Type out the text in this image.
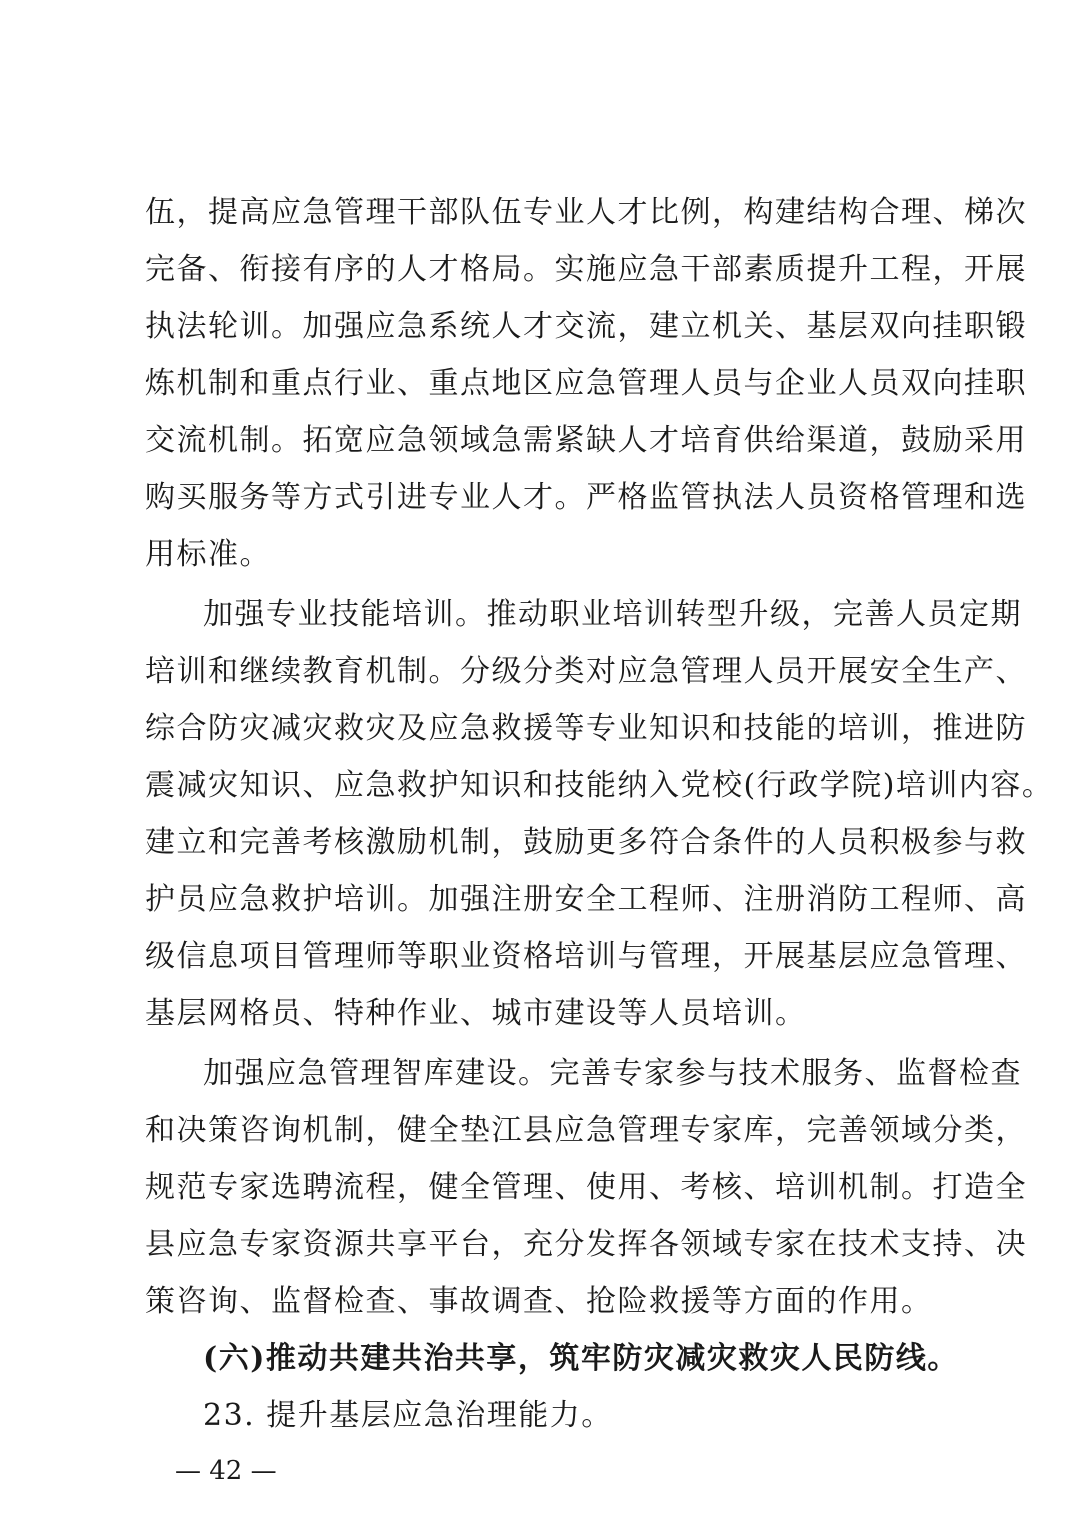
伍，提高应急管理干部队伍专业人才比例，构建结构合理、梯次
完备、衔接有序的人才格局。实施应急干部素质提升工程，开展
执法轮训。加强应急系统人才交流，建立机关、基层双向挂职锻
炼机制和重点行业、重点地区应急管理人员与企业人员双向挂职
交流机制。拓宽应急领域急需紧缺人才培育供给渠道，鼓励采用
购买服务等方式引进专业人才。严格监管执法人员资格管理和选
用标准。
加强专业技能培训。推动职业培训转型升级，完善人员定期
培训和继续教育机制。分级分类对应急管理人员开展安全生产、
综合防灾减灾救灾及应急救援等专业知识和技能的培训，推进防
震减灾知识、应急救护知识和技能纳入党校(行政学院)培训内容。
建立和完善考核激励机制，鼓励更多符合条件的人员积极参与救
护员应急救护培训。加强注册安全工程师、注册消防工程师、高
级信息项目管理师等职业资格培训与管理，开展基层应急管理、
基层网格员、特种作业、城市建设等人员培训。
加强应急管理智库建设。完善专家参与技术服务、监督检查
和决策咨询机制，健全垫江县应急管理专家库，完善领域分类，
规范专家选聘流程，健全管理、使用、考核、培训机制。打造全
县应急专家资源共享平台，充分发挥各领域专家在技术支持、决
策咨询、监督检查、事故调查、抢险救援等方面的作用。
(六)推动共建共治共享，筑牢防灾减灾救灾人民防线。
23. 提升基层应急治理能力。
— 42 —
